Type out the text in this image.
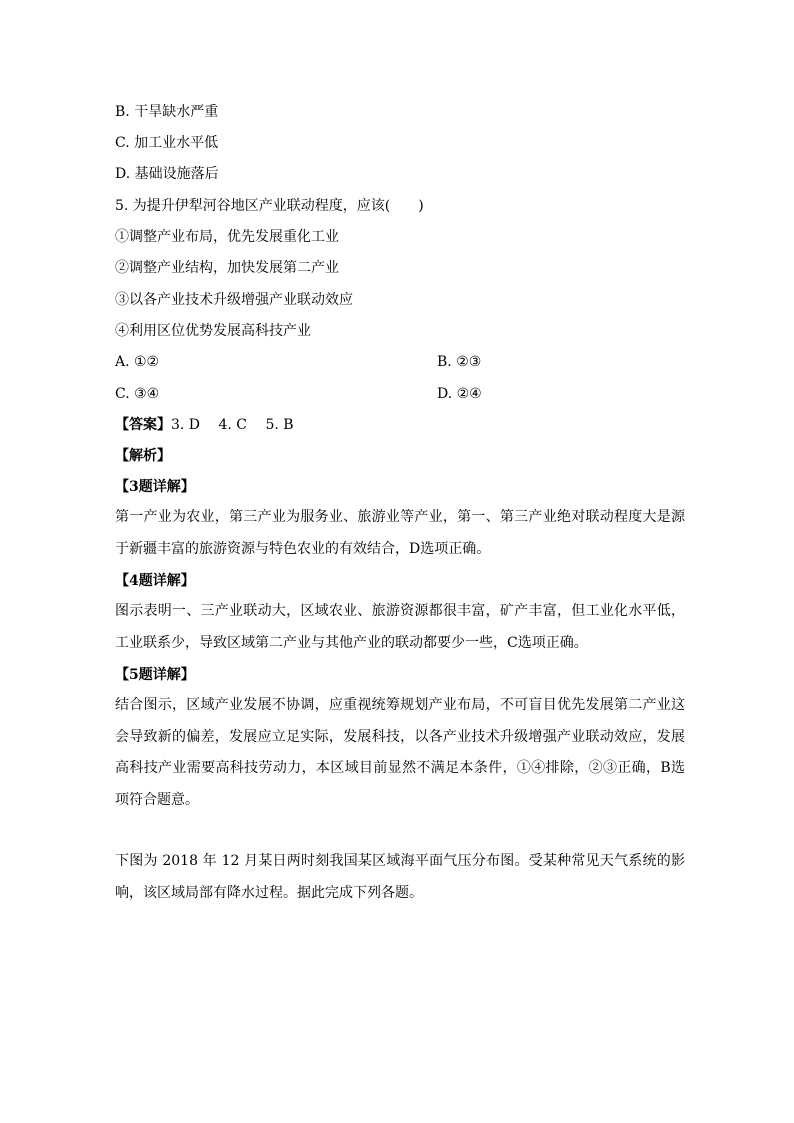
B. 干旱缺水严重
C. 加工业水平低
D. 基础设施落后
5. 为提升伊犁河谷地区产业联动程度，应该(　　)
①调整产业布局，优先发展重化工业
②调整产业结构，加快发展第二产业
③以各产业技术升级增强产业联动效应
④利用区位优势发展高科技产业
A. ①②	B. ②③
C. ③④	D. ②④
【答案】3. D　 4. C　 5. B
【解析】
【3题详解】

第一产业为农业，第三产业为服务业、旅游业等产业，第一、第三产业绝对联动程度大是源于新疆丰富的旅游资源与特色农业的有效结合，D选项正确。

【4题详解】

图示表明一、三产业联动大，区域农业、旅游资源都很丰富，矿产丰富，但工业化水平低，工业联系少，导致区域第二产业与其他产业的联动都要少一些，C选项正确。

【5题详解】

结合图示，区域产业发展不协调，应重视统筹规划产业布局，不可盲目优先发展第二产业这会导致新的偏差，发展应立足实际，发展科技，以各产业技术升级增强产业联动效应，发展高科技产业需要高科技劳动力，本区域目前显然不满足本条件，①④排除，②③正确，B选项符合题意。

下图为 2018 年 12 月某日两时刻我国某区域海平面气压分布图。受某种常见天气系统的影响，该区域局部有降水过程。据此完成下列各题。
